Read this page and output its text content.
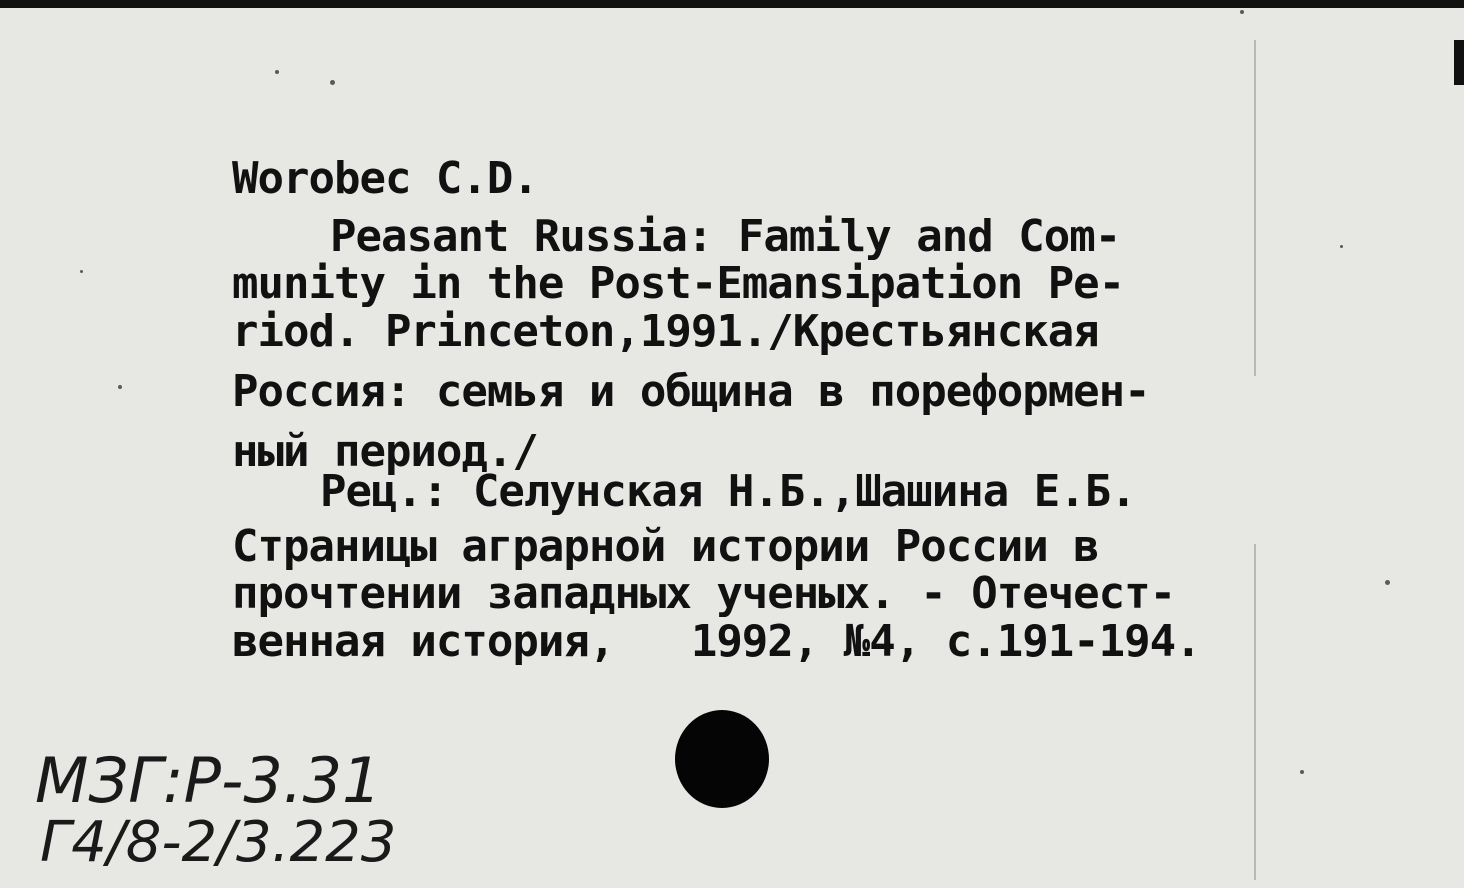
Worobec C.D.
Peasant Russia: Family and Com-
munity in the Post-Emansipation Pe-
riod. Princeton,1991./Крестьянская
Россия: семья и община в пореформен-
ный период./
Рец.: Селунская Н.Б.,Шашина Е.Б.
Страницы аграрной истории России в
прочтении западных ученых. - Отечест-
венная история,   1992, №4, с.191-194.
МЗГ:Р-3.31
Г4/8-2/3.223
